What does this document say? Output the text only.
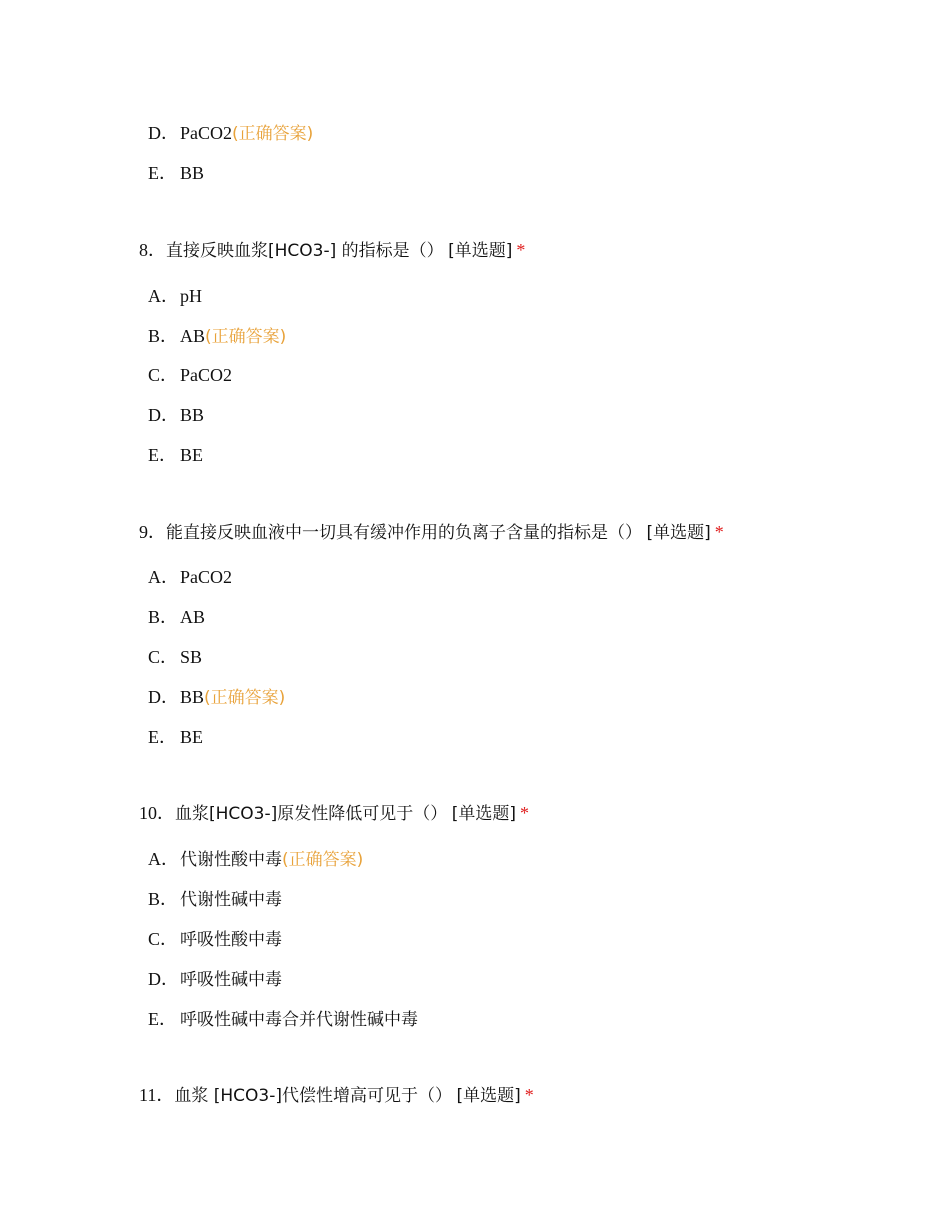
D．PaCO2(正确答案)
E． BB
8．直接反映血浆[HCO3-] 的指标是（） [单选题] *
A．pH
B． AB(正确答案)
C． PaCO2
D．BB
E． BE
9．能直接反映血液中一切具有缓冲作用的负离子含量的指标是（） [单选题] *
A．PaCO2
B． AB
C． SB
D．BB(正确答案)
E． BE
10．血浆[HCO3-]原发性降低可见于（） [单选题] *
A．代谢性酸中毒(正确答案)
B． 代谢性碱中毒
C． 呼吸性酸中毒
D．呼吸性碱中毒
E． 呼吸性碱中毒合并代谢性碱中毒
11．血浆 [HCO3-]代偿性增高可见于（） [单选题] *
